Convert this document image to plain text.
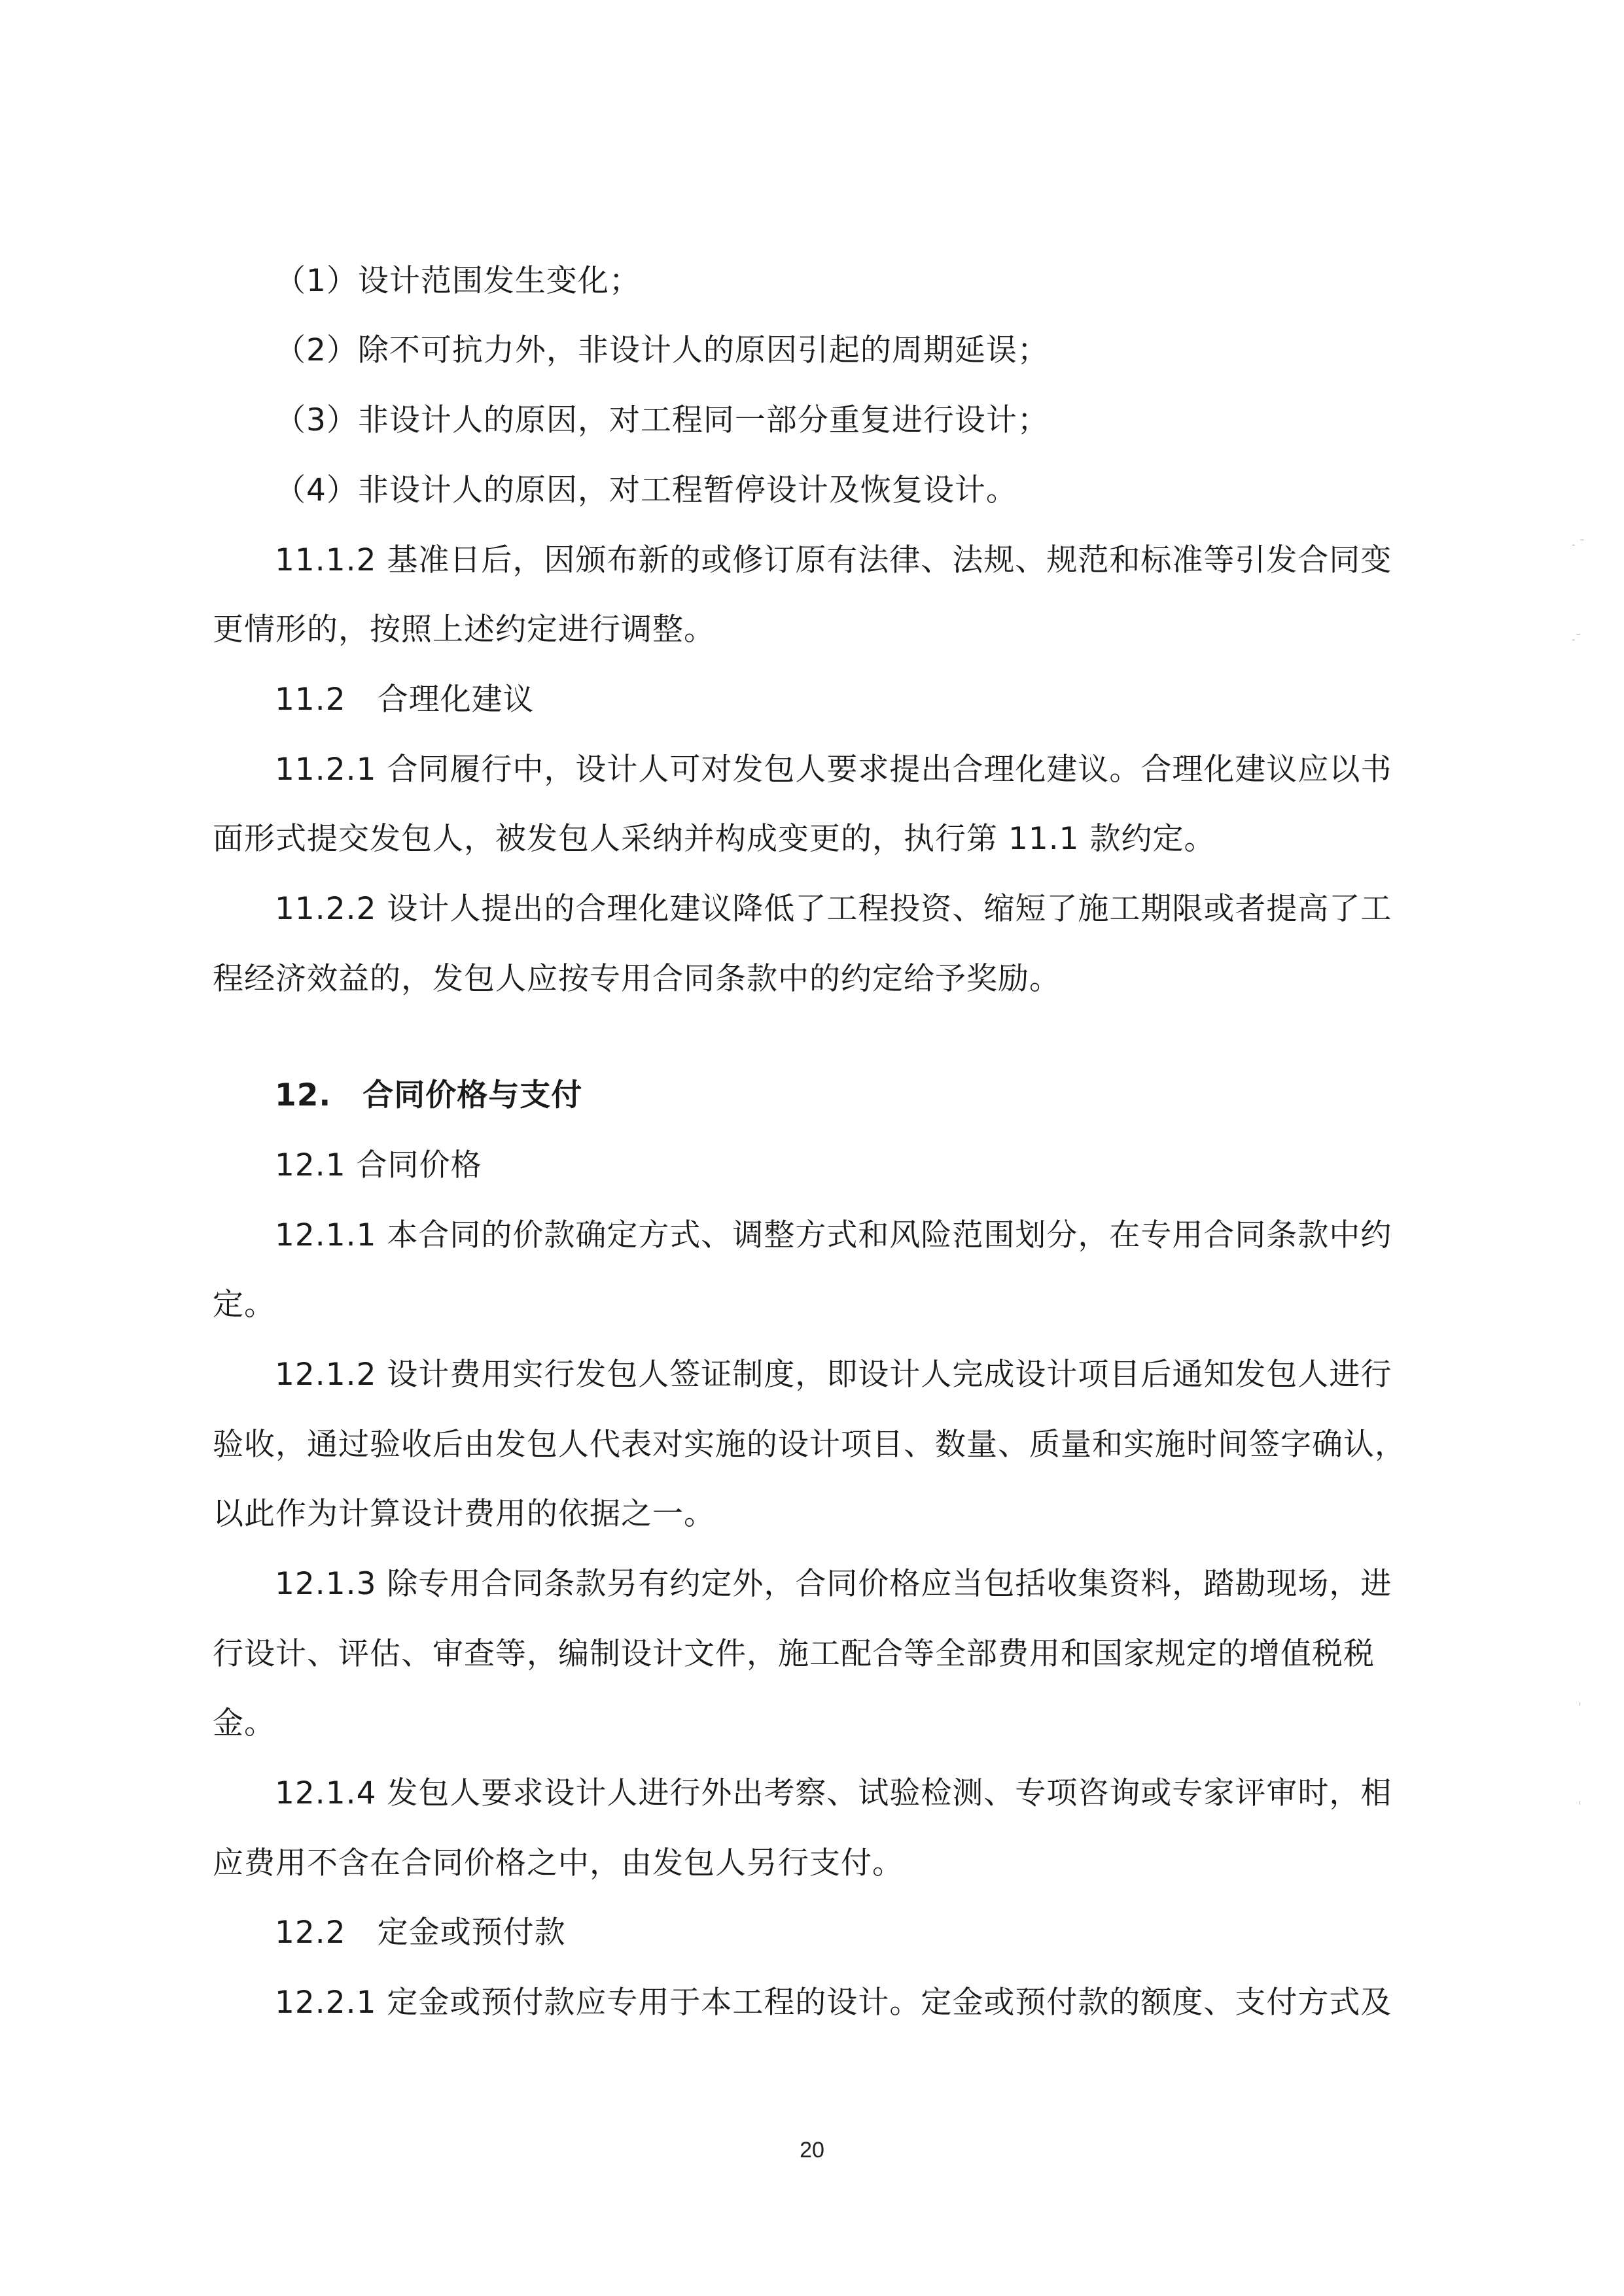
（1）设计范围发生变化；
（2）除不可抗力外，非设计人的原因引起的周期延误；
（3）非设计人的原因，对工程同一部分重复进行设计；
（4）非设计人的原因，对工程暂停设计及恢复设计。
11.1.2 基准日后，因颁布新的或修订原有法律、法规、规范和标准等引发合同变
更情形的，按照上述约定进行调整。
11.2　合理化建议
11.2.1 合同履行中，设计人可对发包人要求提出合理化建议。合理化建议应以书
面形式提交发包人，被发包人采纳并构成变更的，执行第 11.1 款约定。
11.2.2 设计人提出的合理化建议降低了工程投资、缩短了施工期限或者提高了工
程经济效益的，发包人应按专用合同条款中的约定给予奖励。
12.　合同价格与支付
12.1 合同价格
12.1.1 本合同的价款确定方式、调整方式和风险范围划分，在专用合同条款中约
定。
12.1.2 设计费用实行发包人签证制度，即设计人完成设计项目后通知发包人进行
验收，通过验收后由发包人代表对实施的设计项目、数量、质量和实施时间签字确认，
以此作为计算设计费用的依据之一。
12.1.3 除专用合同条款另有约定外，合同价格应当包括收集资料，踏勘现场，进
行设计、评估、审查等，编制设计文件，施工配合等全部费用和国家规定的增值税税
金。
12.1.4 发包人要求设计人进行外出考察、试验检测、专项咨询或专家评审时，相
应费用不含在合同价格之中，由发包人另行支付。
12.2　定金或预付款
12.2.1 定金或预付款应专用于本工程的设计。定金或预付款的额度、支付方式及
20
˗ ˉ
˗ˉ
ˈ
ˌ
